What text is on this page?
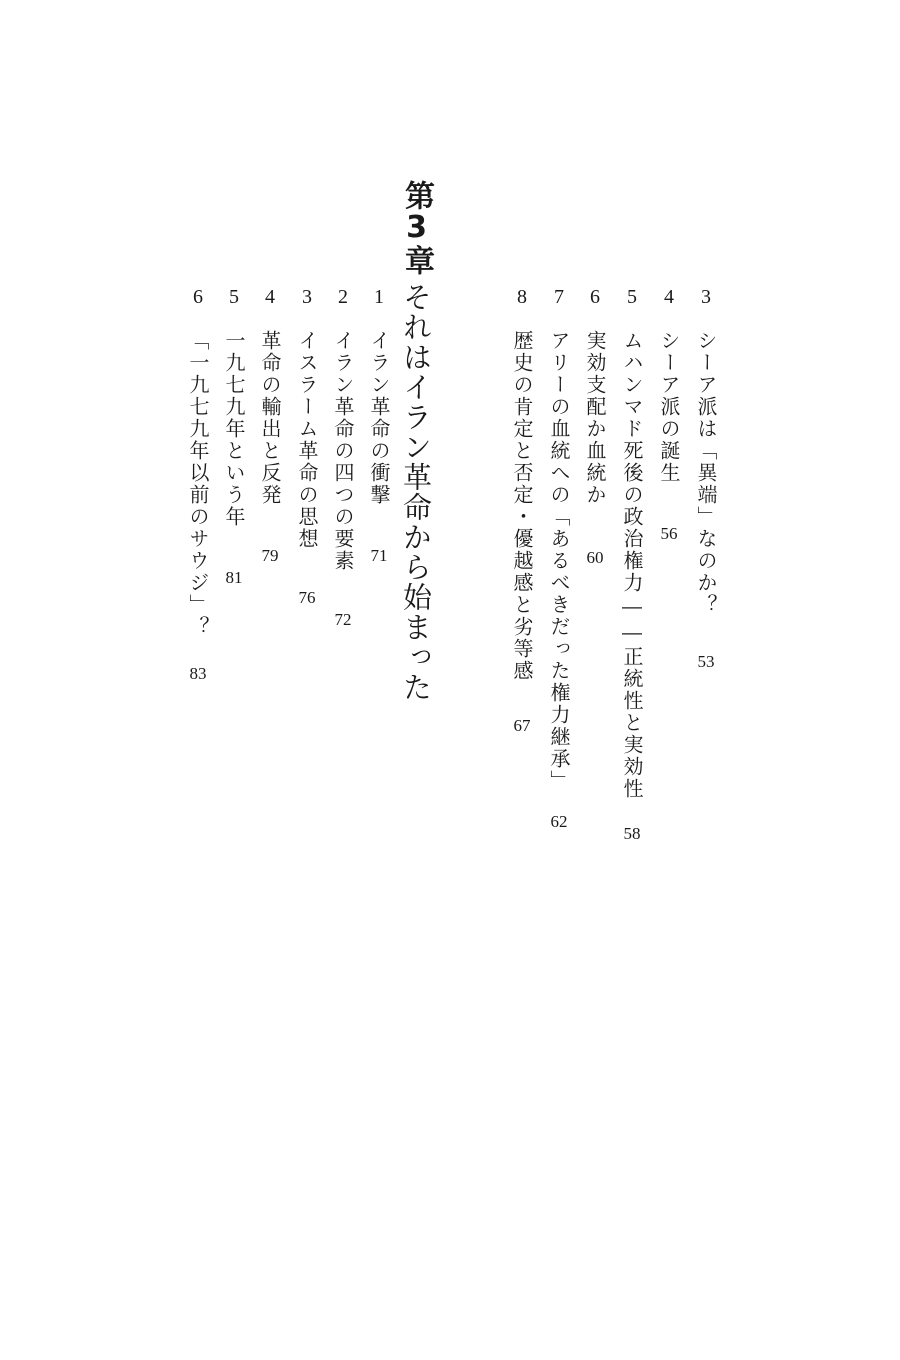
3
シーア派は「異端」なのか？
53
4
シーア派の誕生
56
5
ムハンマド死後の政治権力――正統性と実効性
58
6
実効支配か血統か
60
7
アリーの血統への「あるべきだった権力継承」
62
8
歴史の肯定と否定・優越感と劣等感
67
第3章
それはイラン革命から始まった
1
イラン革命の衝撃
71
2
イラン革命の四つの要素
72
3
イスラーム革命の思想
76
4
革命の輸出と反発
79
5
一九七九年という年
81
6
「一九七九年以前のサウジ」？
83
